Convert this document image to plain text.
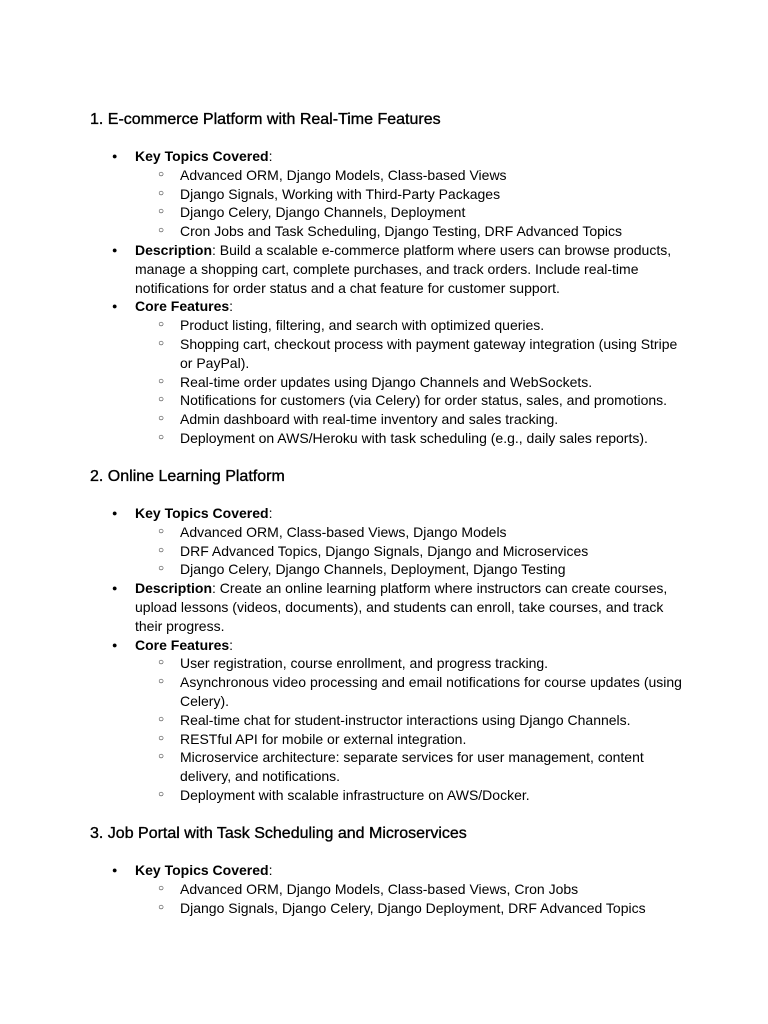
1. E-commerce Platform with Real-Time Features
● Key Topics Covered:
○ Advanced ORM, Django Models, Class-based Views
○ Django Signals, Working with Third-Party Packages
○ Django Celery, Django Channels, Deployment
○ Cron Jobs and Task Scheduling, Django Testing, DRF Advanced Topics
● Description: Build a scalable e-commerce platform where users can browse products, manage a shopping cart, complete purchases, and track orders. Include real-time notifications for order status and a chat feature for customer support.
● Core Features:
○ Product listing, filtering, and search with optimized queries.
○ Shopping cart, checkout process with payment gateway integration (using Stripe or PayPal).
○ Real-time order updates using Django Channels and WebSockets.
○ Notifications for customers (via Celery) for order status, sales, and promotions.
○ Admin dashboard with real-time inventory and sales tracking.
○ Deployment on AWS/Heroku with task scheduling (e.g., daily sales reports).
2. Online Learning Platform
● Key Topics Covered:
○ Advanced ORM, Class-based Views, Django Models
○ DRF Advanced Topics, Django Signals, Django and Microservices
○ Django Celery, Django Channels, Deployment, Django Testing
● Description: Create an online learning platform where instructors can create courses, upload lessons (videos, documents), and students can enroll, take courses, and track their progress.
● Core Features:
○ User registration, course enrollment, and progress tracking.
○ Asynchronous video processing and email notifications for course updates (using Celery).
○ Real-time chat for student-instructor interactions using Django Channels.
○ RESTful API for mobile or external integration.
○ Microservice architecture: separate services for user management, content delivery, and notifications.
○ Deployment with scalable infrastructure on AWS/Docker.
3. Job Portal with Task Scheduling and Microservices
● Key Topics Covered:
○ Advanced ORM, Django Models, Class-based Views, Cron Jobs
○ Django Signals, Django Celery, Django Deployment, DRF Advanced Topics
